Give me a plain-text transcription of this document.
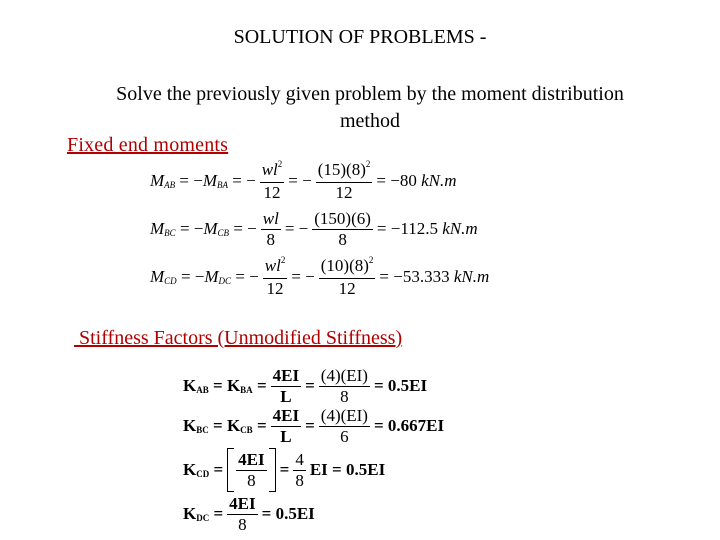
SOLUTION OF PROBLEMS -
Solve the previously given problem by the moment distribution
method
Fixed end moments
M AB = − M BA = − $\frac{wl^2}{12}$ = − $\frac{(15)(8)^2}{12}$ = − 80
kN.m
M BC = − M CB = − $\frac{wl}{8}$ = − $\frac{(150)(6)}{8}$ = − 112.5
kN.m
M CD = − M DC = − $\frac{wl^2}{12}$ = − $\frac{(10)(8)^2}{12}$ = − 53.333
kN.m
Stiffness Factors (Unmodified Stiffness)
K AB = K BA = $\frac{4EI}{L} = \frac{(4)(EI)}{8} = 0.5EI$
K BC = K CB = $\frac{4EI}{L} = \frac{(4)(EI)}{6} = 0.667EI$
K CD = $\frac{4EI}{8} = \frac{4}{8}$ EI = 0.5EI
K DC = $\frac{4EI}{8} = 0.5EI$
